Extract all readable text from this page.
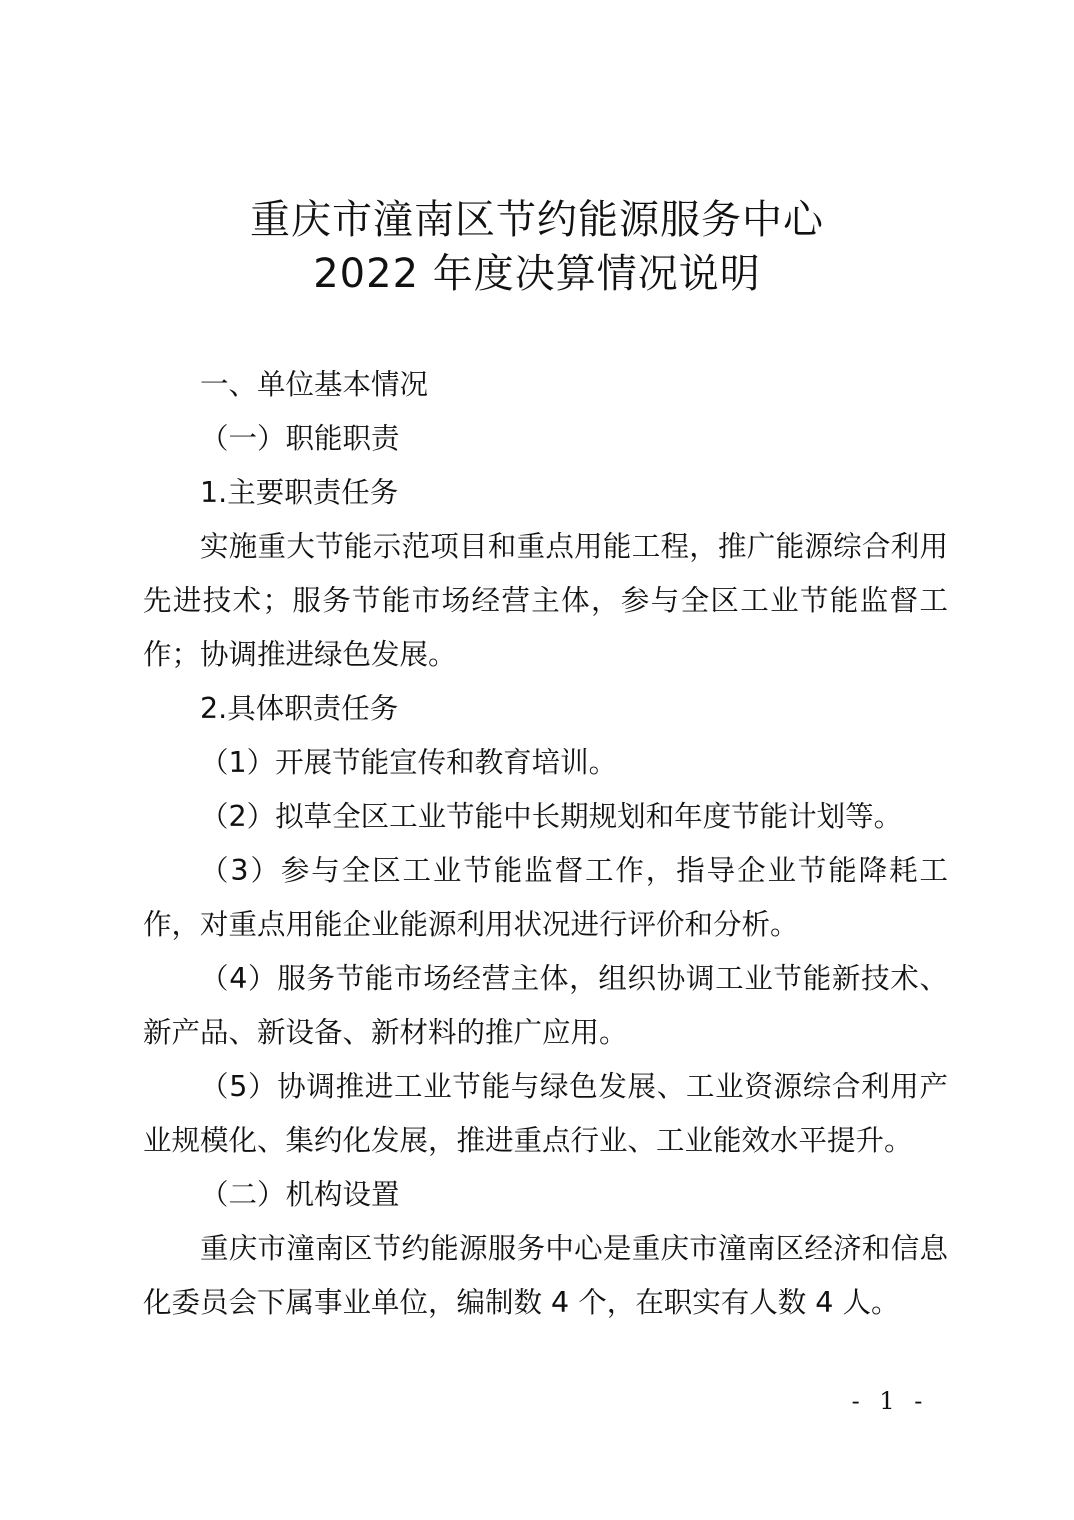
重庆市潼南区节约能源服务中心
2022 年度决算情况说明

一、单位基本情况

（一）职能职责

1.主要职责任务

实施重大节能示范项目和重点用能工程，推广能源综合利用先进技术；服务节能市场经营主体，参与全区工业节能监督工作；协调推进绿色发展。

2.具体职责任务

（1）开展节能宣传和教育培训。

（2）拟草全区工业节能中长期规划和年度节能计划等。

（3）参与全区工业节能监督工作，指导企业节能降耗工作，对重点用能企业能源利用状况进行评价和分析。

（4）服务节能市场经营主体，组织协调工业节能新技术、新产品、新设备、新材料的推广应用。

（5）协调推进工业节能与绿色发展、工业资源综合利用产业规模化、集约化发展，推进重点行业、工业能效水平提升。

（二）机构设置

重庆市潼南区节约能源服务中心是重庆市潼南区经济和信息化委员会下属事业单位，编制数 4 个，在职实有人数 4 人。

- 1 -
